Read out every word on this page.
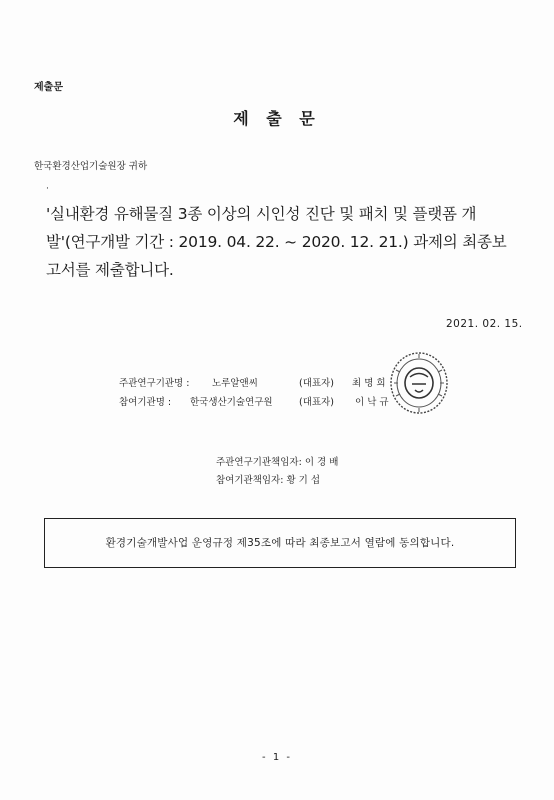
제출문
제 출 문
한국환경산업기술원장 귀하
·
'실내환경 유해물질 3종 이상의 시인성 진단 및 패치 및 플랫폼 개발'(연구개발 기간 : 2019. 04. 22. ~ 2020. 12. 21.) 과제의 최종보고서를 제출합니다.
2021. 02. 15.
주관연구기관명 : 노루알앤씨	(대표자) 최 명 희
참여기관명 : 한국생산기술연구원	(대표자) 이 낙 규
주관연구기관책임자: 이 경 배
참여기관책임자: 황 기 섭
환경기술개발사업 운영규정 제35조에 따라 최종보고서 열람에 동의합니다.
- 1 -
